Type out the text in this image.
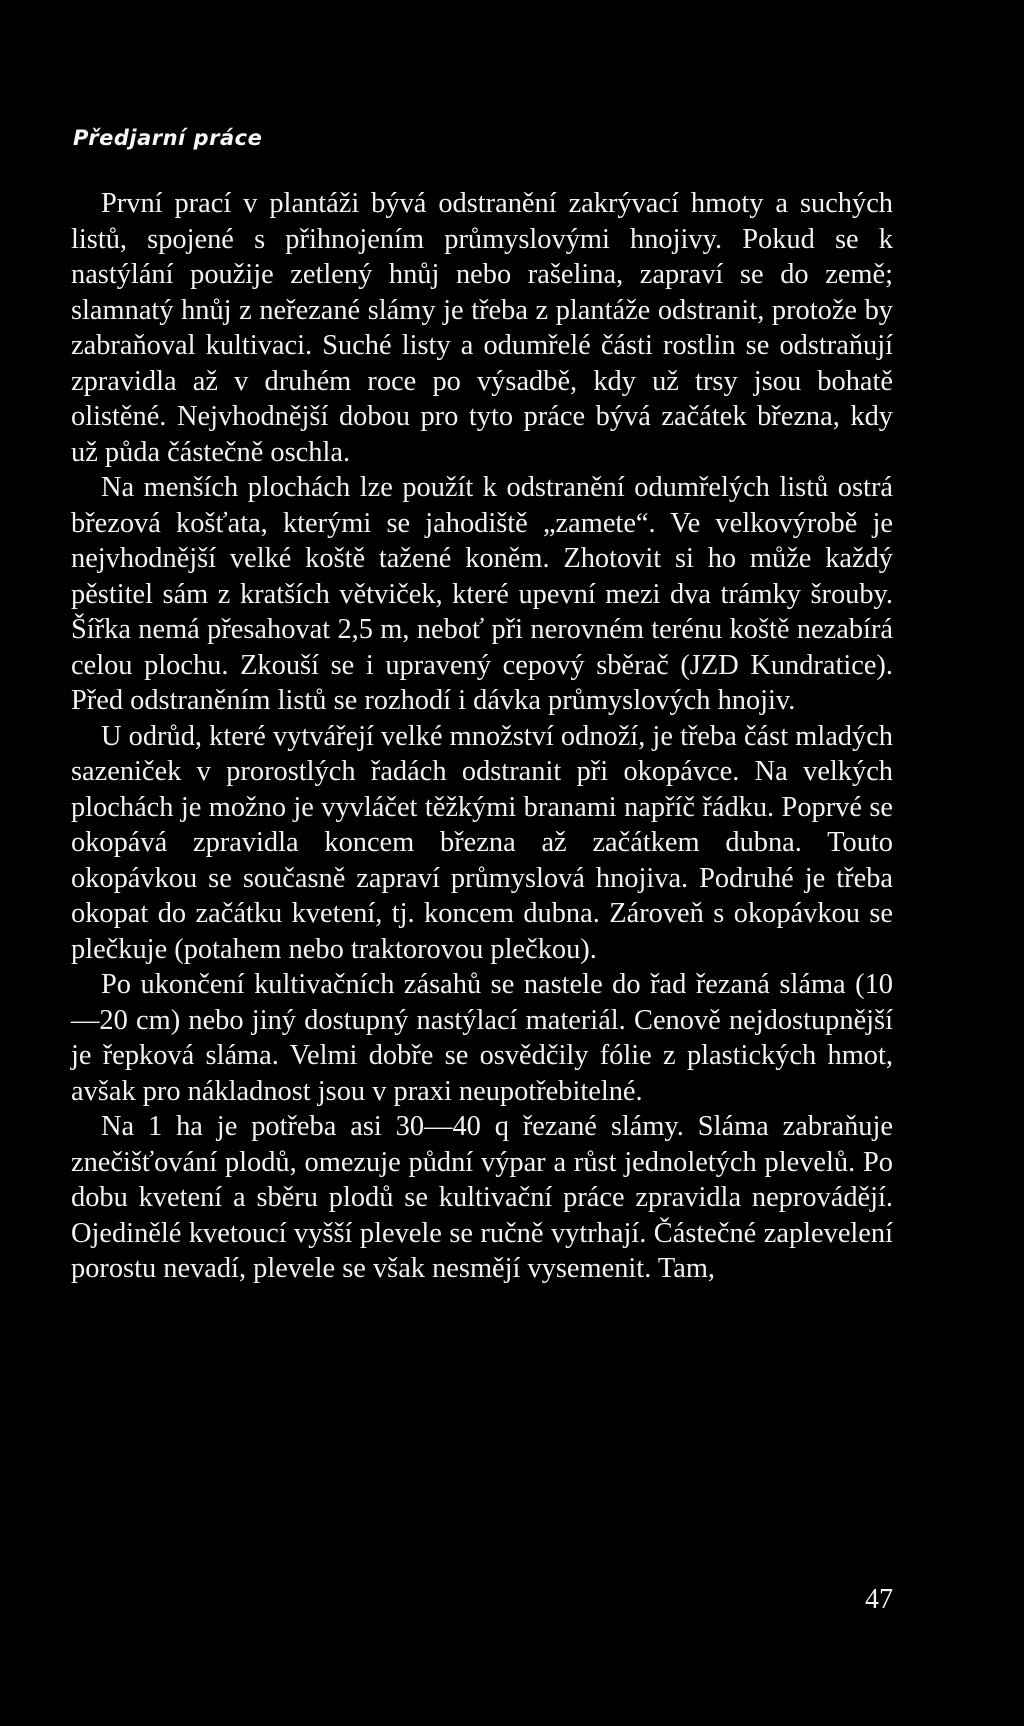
Předjarní práce

První prací v plantáži bývá odstranění zakrývací hmoty a suchých listů, spojené s přihnojením průmyslovými hnojivy. Pokud se k nastýlání použije zetlený hnůj nebo rašelina, zapraví se do země; slamnatý hnůj z neřezané slámy je třeba z plantáže odstranit, protože by zabraňoval kultivaci. Suché listy a odumřelé části rostlin se odstraňují zpravidla až v druhém roce po výsadbě, kdy už trsy jsou bohatě olistěné. Nejvhodnější dobou pro tyto práce bývá začátek března, kdy už půda částečně oschla.

Na menších plochách lze použít k odstranění odumřelých listů ostrá březová košťata, kterými se jahodiště „zamete“. Ve velkovýrobě je nejvhodnější velké koště tažené koněm. Zhotovit si ho může každý pěstitel sám z kratších větviček, které upevní mezi dva trámky šrouby. Šířka nemá přesahovat 2,5 m, neboť při nerovném terénu koště nezabírá celou plochu. Zkouší se i upravený cepový sběrač (JZD Kundratice). Před odstraněním listů se rozhodí i dávka průmyslových hnojiv.

U odrůd, které vytvářejí velké množství odnoží, je třeba část mladých sazeniček v prorostlých řadách odstranit při okopávce. Na velkých plochách je možno je vyvláčet těžkými branami napříč řádku. Poprvé se okopává zpravidla koncem března až začátkem dubna. Touto okopávkou se současně zapraví průmyslová hnojiva. Podruhé je třeba okopat do začátku kvetení, tj. koncem dubna. Zároveň s okopávkou se plečkuje (potahem nebo traktorovou plečkou).

Po ukončení kultivačních zásahů se nastele do řad řezaná sláma (10—20 cm) nebo jiný dostupný nastýlací materiál. Cenově nejdostupnější je řepková sláma. Velmi dobře se osvědčily fólie z plastických hmot, avšak pro nákladnost jsou v praxi neupotřebitelné.

Na 1 ha je potřeba asi 30—40 q řezané slámy. Sláma zabraňuje znečišťování plodů, omezuje půdní výpar a růst jednoletých plevelů. Po dobu kvetení a sběru plodů se kultivační práce zpravidla neprovádějí. Ojedinělé kvetoucí vyšší plevele se ručně vytrhají. Částečné zaplevelení porostu nevadí, plevele se však nesmějí vysemenit. Tam,

47
